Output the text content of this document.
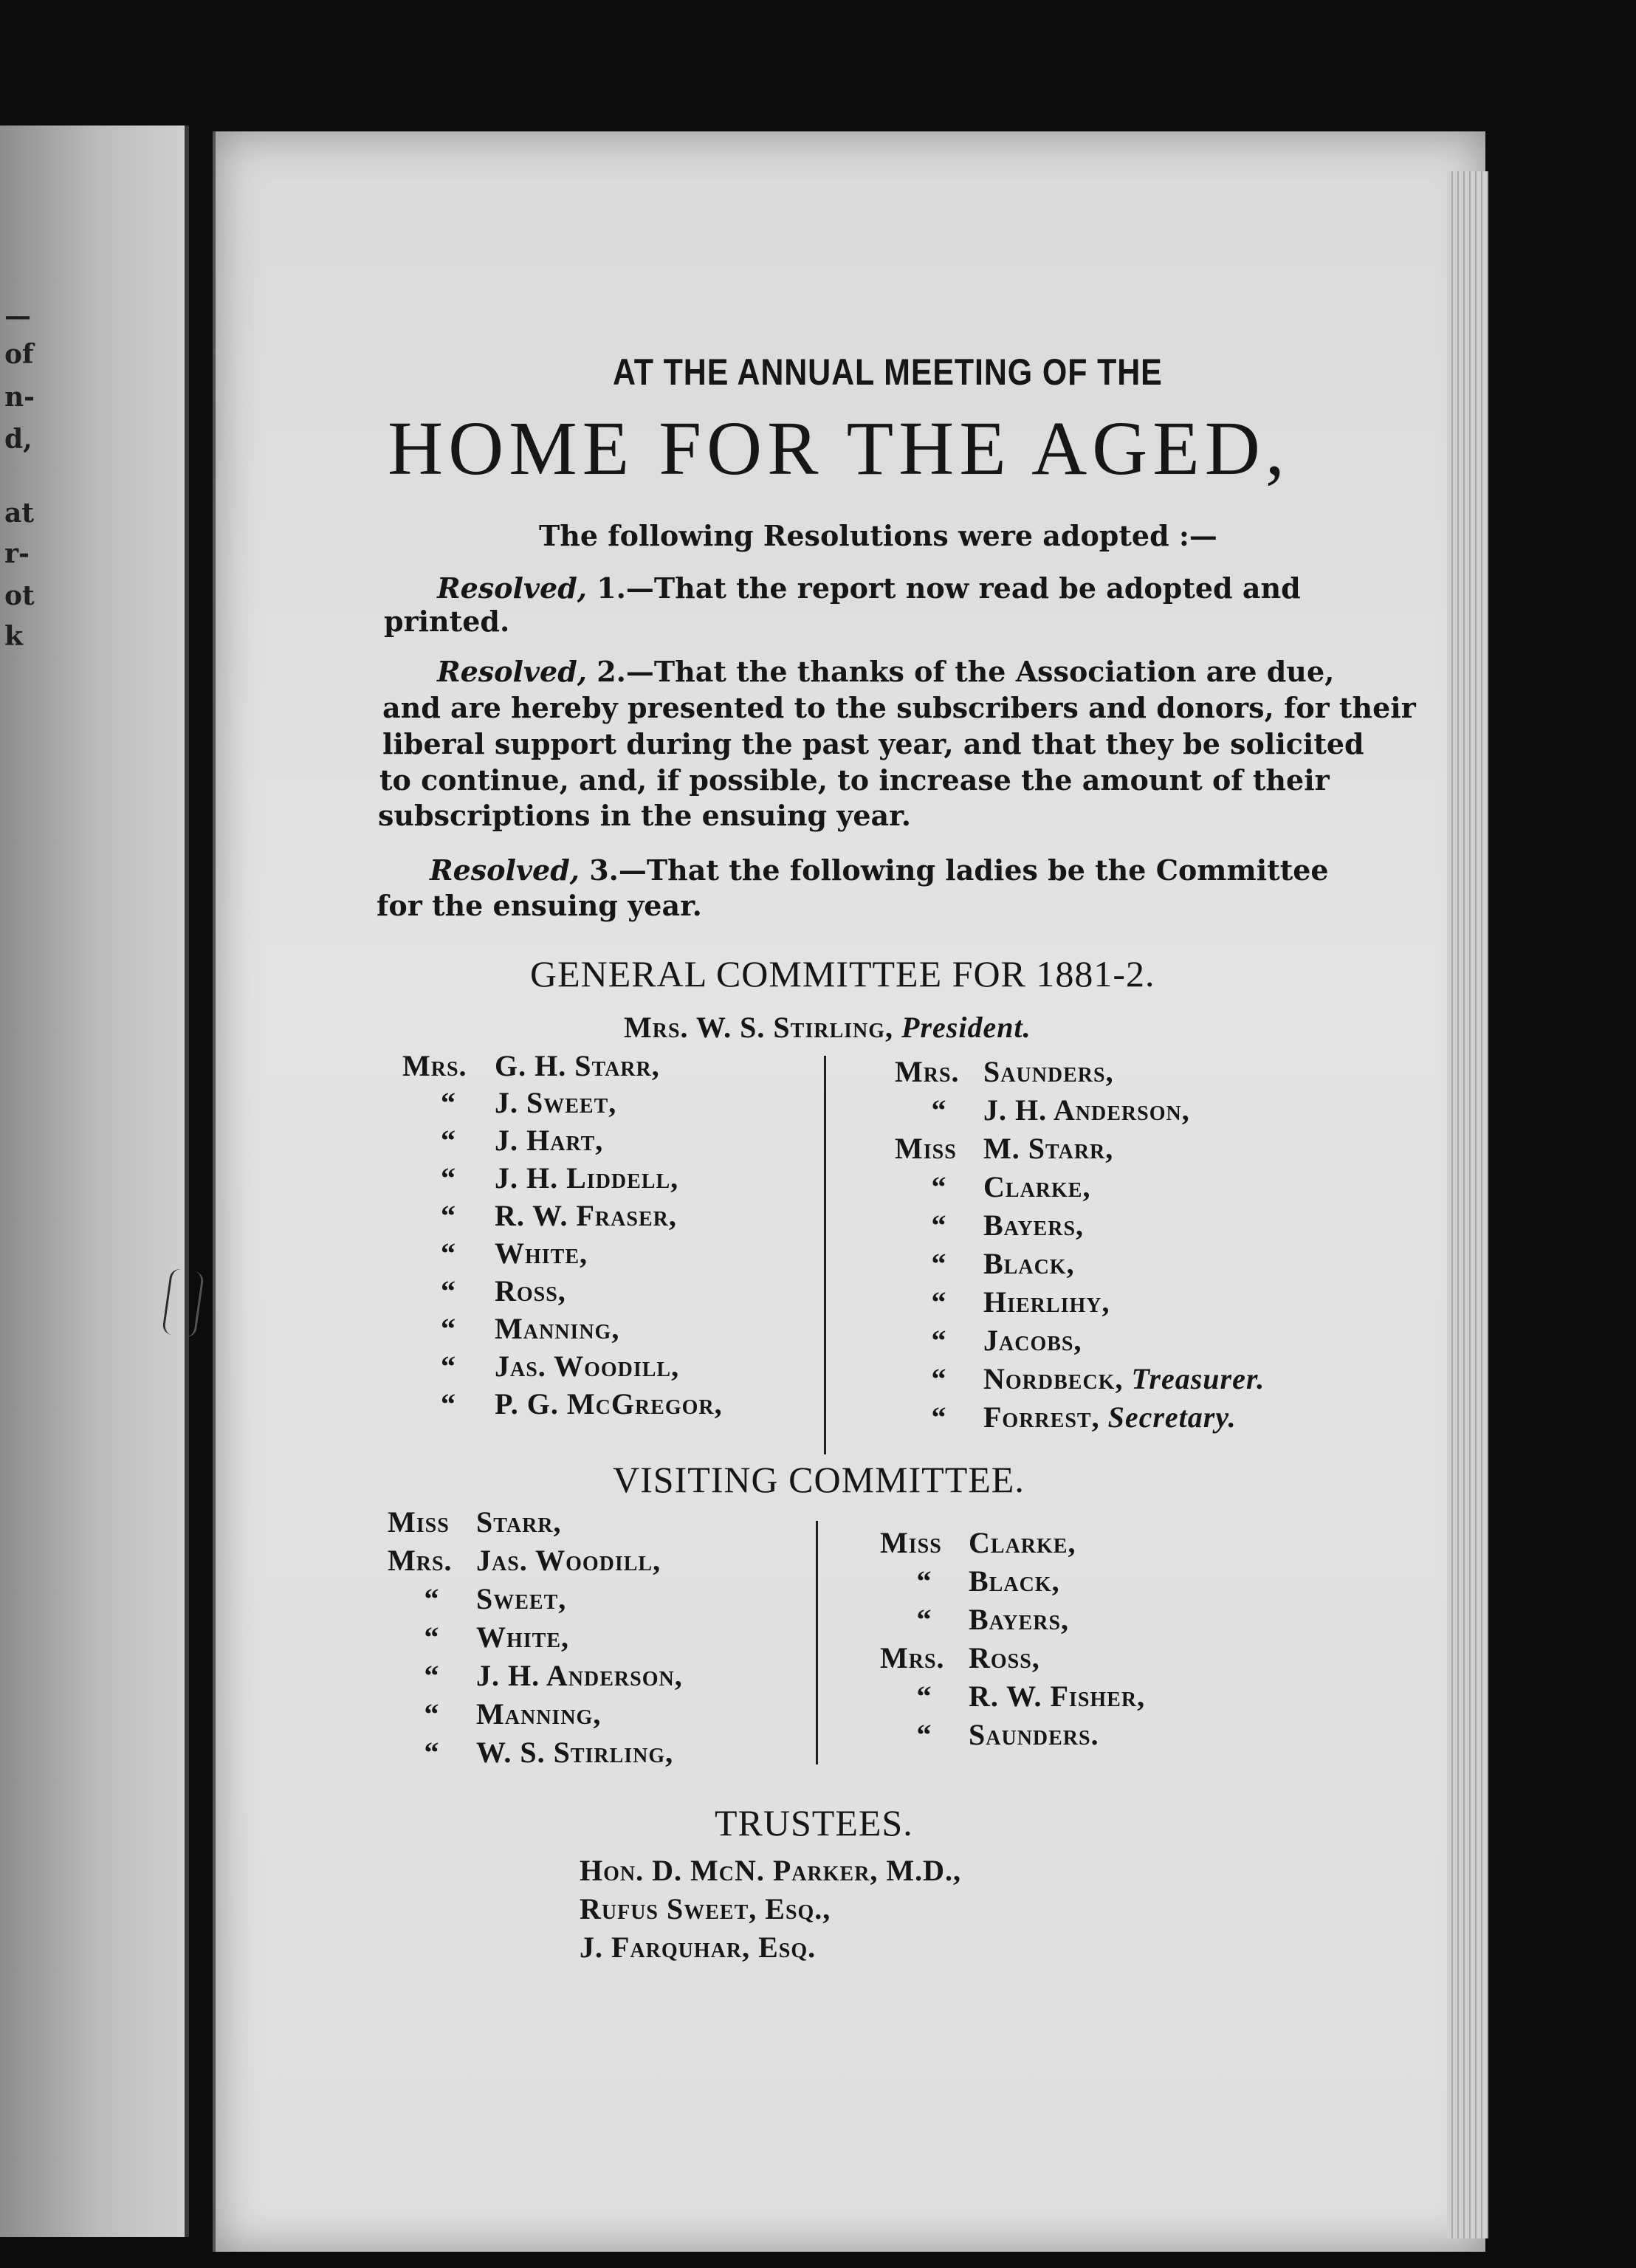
—
of
n-
d,
at
r-
ot
k
AT THE ANNUAL MEETING OF THE
HOME FOR THE AGED,
The following Resolutions were adopted :—
Resolved, 1.—That the report now read be adopted and
printed.
Resolved, 2.—That the thanks of the Association are due,
and are hereby presented to the subscribers and donors, for their
liberal support during the past year, and that they be solicited
to continue, and, if possible, to increase the amount of their
subscriptions in the ensuing year.
Resolved, 3.—That the following ladies be the Committee
for the ensuing year.
GENERAL COMMITTEE FOR 1881-2.
Mrs. W. S. Stirling, President.
Mrs. G. H. Starr,
“ J. Sweet,
“ J. Hart,
“ J. H. Liddell,
“ R. W. Fraser,
“ White,
“ Ross,
“ Manning,
“ Jas. Woodill,
“ P. G. McGregor,
Mrs. Saunders,
“ J. H. Anderson,
Miss M. Starr,
“ Clarke,
“ Bayers,
“ Black,
“ Hierlihy,
“ Jacobs,
“ Nordbeck, Treasurer.
“ Forrest, Secretary.
VISITING COMMITTEE.
Miss Starr,
Mrs. Jas. Woodill,
“ Sweet,
“ White,
“ J. H. Anderson,
“ Manning,
“ W. S. Stirling,
Miss Clarke,
“ Black,
“ Bayers,
Mrs. Ross,
“ R. W. Fisher,
“ Saunders.
TRUSTEES.
Hon. D. McN. Parker, M.D.,
Rufus Sweet, Esq.,
J. Farquhar, Esq.
